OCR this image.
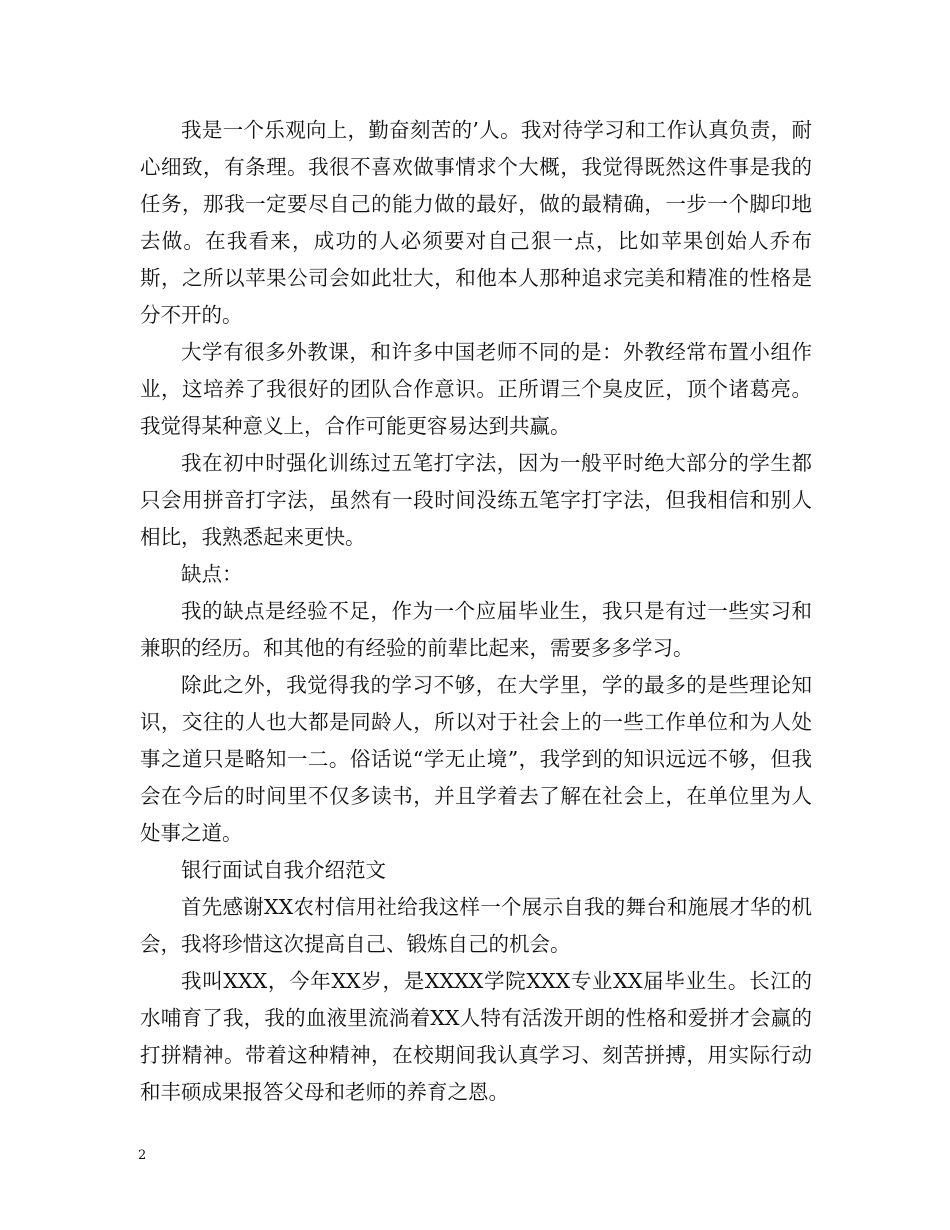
我是一个乐观向上，勤奋刻苦的’人。我对待学习和工作认真负责，耐心细致，有条理。我很不喜欢做事情求个大概，我觉得既然这件事是我的任务，那我一定要尽自己的能力做的最好，做的最精确，一步一个脚印地去做。在我看来，成功的人必须要对自己狠一点，比如苹果创始人乔布斯，之所以苹果公司会如此壮大，和他本人那种追求完美和精准的性格是分不开的。

大学有很多外教课，和许多中国老师不同的是：外教经常布置小组作业，这培养了我很好的团队合作意识。正所谓三个臭皮匠，顶个诸葛亮。我觉得某种意义上，合作可能更容易达到共赢。

我在初中时强化训练过五笔打字法，因为一般平时绝大部分的学生都只会用拼音打字法，虽然有一段时间没练五笔字打字法，但我相信和别人相比，我熟悉起来更快。

缺点：

我的缺点是经验不足，作为一个应届毕业生，我只是有过一些实习和兼职的经历。和其他的有经验的前辈比起来，需要多多学习。

除此之外，我觉得我的学习不够，在大学里，学的最多的是些理论知识，交往的人也大都是同龄人，所以对于社会上的一些工作单位和为人处事之道只是略知一二。俗话说“学无止境”，我学到的知识远远不够，但我会在今后的时间里不仅多读书，并且学着去了解在社会上，在单位里为人处事之道。

银行面试自我介绍范文

首先感谢XX农村信用社给我这样一个展示自我的舞台和施展才华的机会，我将珍惜这次提高自己、锻炼自己的机会。

我叫XXX，今年XX岁，是XXXX学院XXX专业XX届毕业生。长江的水哺育了我，我的血液里流淌着XX人特有活泼开朗的性格和爱拼才会赢的打拼精神。带着这种精神，在校期间我认真学习、刻苦拼搏，用实际行动和丰硕成果报答父母和老师的养育之恩。

2
